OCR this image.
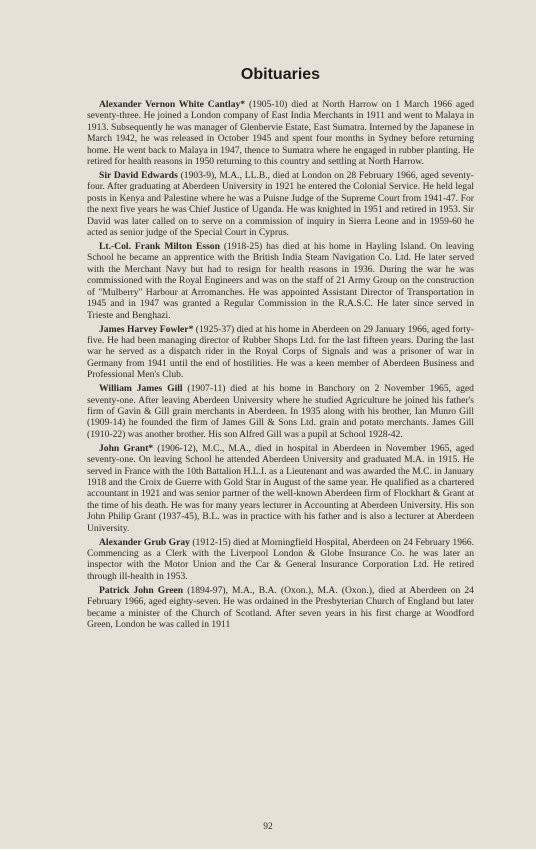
Obituaries

Alexander Vernon White Cantlay* (1905-10) died at North Harrow on 1 March 1966 aged seventy-three. He joined a London company of East India Merchants in 1911 and went to Malaya in 1913. Subsequently he was manager of Glenbervie Estate, East Sumatra. Interned by the Japanese in March 1942, he was released in October 1945 and spent four months in Sydney before returning home. He went back to Malaya in 1947, thence to Sumatra where he engaged in rubber planting. He retired for health reasons in 1950 returning to this country and settling at North Harrow.

Sir David Edwards (1903-9), M.A., LL.B., died at London on 28 February 1966, aged seventy-four. After graduating at Aberdeen University in 1921 he entered the Colonial Service. He held legal posts in Kenya and Palestine where he was a Puisne Judge of the Supreme Court from 1941-47. For the next five years he was Chief Justice of Uganda. He was knighted in 1951 and retired in 1953. Sir David was later called on to serve on a commission of inquiry in Sierra Leone and in 1959-60 he acted as senior judge of the Special Court in Cyprus.

Lt.-Col. Frank Milton Esson (1918-25) has died at his home in Hayling Island. On leaving School he became an apprentice with the British India Steam Navigation Co. Ltd. He later served with the Merchant Navy but had to resign for health reasons in 1936. During the war he was commissioned with the Royal Engineers and was on the staff of 21 Army Group on the construction of "Mulberry" Harbour at Arromanches. He was appointed Assistant Director of Transportation in 1945 and in 1947 was granted a Regular Commission in the R.A.S.C. He later since served in Trieste and Benghazi.

James Harvey Fowler* (1925-37) died at his home in Aberdeen on 29 January 1966, aged forty-five. He had been managing director of Rubber Shops Ltd. for the last fifteen years. During the last war he served as a dispatch rider in the Royal Corps of Signals and was a prisoner of war in Germany from 1941 until the end of hostilities. He was a keen member of Aberdeen Business and Professional Men's Club.

William James Gill (1907-11) died at his home in Banchory on 2 November 1965, aged seventy-one. After leaving Aberdeen University where he studied Agriculture he joined his father's firm of Gavin & Gill grain merchants in Aberdeen. In 1935 along with his brother, Ian Munro Gill (1909-14) he founded the firm of James Gill & Sons Ltd. grain and potato merchants. James Gill (1910-22) was another brother. His son Alfred Gill was a pupil at School 1928-42.

John Grant* (1906-12), M.C., M.A., died in hospital in Aberdeen in November 1965, aged seventy-one. On leaving School he attended Aberdeen University and graduated M.A. in 1915. He served in France with the 10th Battalion H.L.I. as a Lieutenant and was awarded the M.C. in January 1918 and the Croix de Guerre with Gold Star in August of the same year. He qualified as a chartered accountant in 1921 and was senior partner of the well-known Aberdeen firm of Flockhart & Grant at the time of his death. He was for many years lecturer in Accounting at Aberdeen University. His son John Philip Grant (1937-45), B.L. was in practice with his father and is also a lecturer at Aberdeen University.

Alexander Grub Gray (1912-15) died at Morningfield Hospital, Aberdeen on 24 February 1966. Commencing as a Clerk with the Liverpool London & Globe Insurance Co. he was later an inspector with the Motor Union and the Car & General Insurance Corporation Ltd. He retired through ill-health in 1953.

Patrick John Green (1894-97), M.A., B.A. (Oxon.), M.A. (Oxon.), died at Aberdeen on 24 February 1966, aged eighty-seven. He was ordained in the Presbyterian Church of England but later became a minister of the Church of Scotland. After seven years in his first charge at Woodford Green, London he was called in 1911

92
